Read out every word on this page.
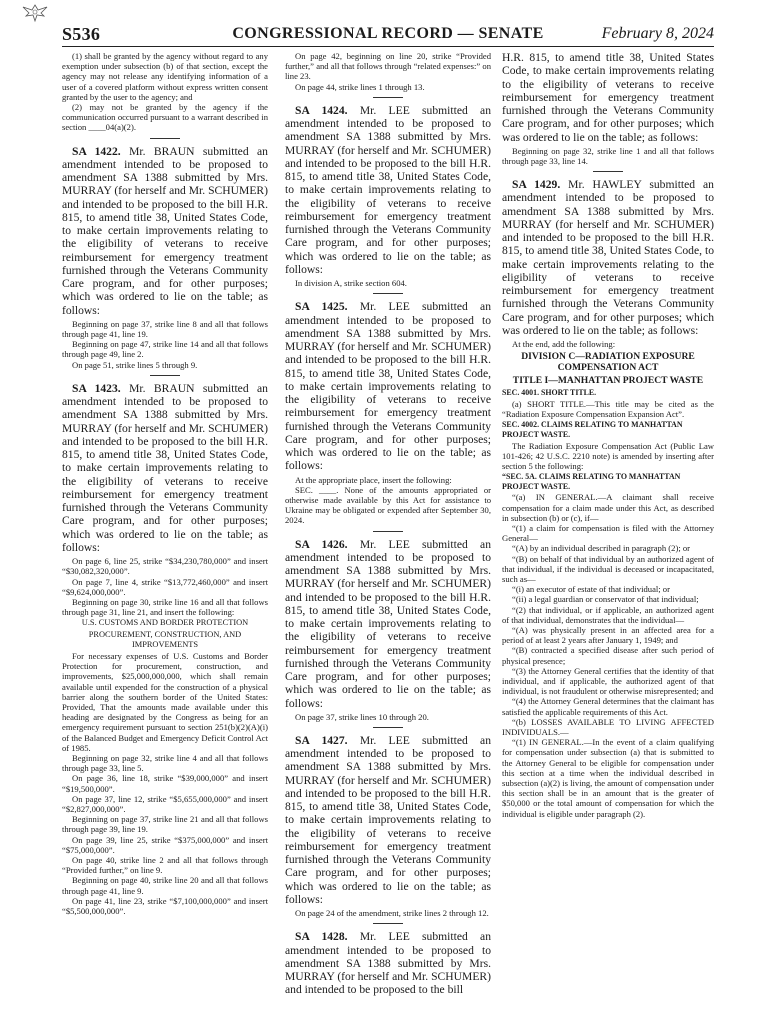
S536	CONGRESSIONAL RECORD — SENATE	February 8, 2024

(1) shall be granted by the agency without regard to any exemption under subsection (b) of that section, except the agency may not release any identifying information of a user of a covered platform without express written consent granted by the user to the agency; and

(2) may not be granted by the agency if the communication occurred pursuant to a warrant described in section ____04(a)(2).

SA 1422. Mr. BRAUN submitted an amendment intended to be proposed to amendment SA 1388 submitted by Mrs. MURRAY (for herself and Mr. SCHUMER) and intended to be proposed to the bill H.R. 815, to amend title 38, United States Code, to make certain improvements relating to the eligibility of veterans to receive reimbursement for emergency treatment furnished through the Veterans Community Care program, and for other purposes; which was ordered to lie on the table; as follows:

Beginning on page 37, strike line 8 and all that follows through page 41, line 19.

Beginning on page 47, strike line 14 and all that follows through page 49, line 2.

On page 51, strike lines 5 through 9.

SA 1423. Mr. BRAUN submitted an amendment intended to be proposed to amendment SA 1388 submitted by Mrs. MURRAY (for herself and Mr. SCHUMER) and intended to be proposed to the bill H.R. 815, to amend title 38, United States Code, to make certain improvements relating to the eligibility of veterans to receive reimbursement for emergency treatment furnished through the Veterans Community Care program, and for other purposes; which was ordered to lie on the table; as follows:

On page 6, line 25, strike “$34,230,780,000” and insert “$30,082,320,000”.

On page 7, line 4, strike “$13,772,460,000” and insert “$9,624,000,000”.

Beginning on page 30, strike line 16 and all that follows through page 31, line 21, and insert the following:

U.S. CUSTOMS AND BORDER PROTECTION

PROCUREMENT, CONSTRUCTION, AND IMPROVEMENTS

For necessary expenses of U.S. Customs and Border Protection for procurement, construction, and improvements, $25,000,000,000, which shall remain available until expended for the construction of a physical barrier along the southern border of the United States: Provided, That the amounts made available under this heading are designated by the Congress as being for an emergency requirement pursuant to section 251(b)(2)(A)(i) of the Balanced Budget and Emergency Deficit Control Act of 1985.

Beginning on page 32, strike line 4 and all that follows through page 33, line 5.

On page 36, line 18, strike “$39,000,000” and insert “$19,500,000”.

On page 37, line 12, strike “$5,655,000,000” and insert “$2,827,000,000”.

Beginning on page 37, strike line 21 and all that follows through page 39, line 19.

On page 39, line 25, strike “$375,000,000” and insert “$75,000,000”.

On page 40, strike line 2 and all that follows through “Provided further,” on line 9.

Beginning on page 40, strike line 20 and all that follows through page 41, line 9.

On page 41, line 23, strike “$7,100,000,000” and insert “$5,500,000,000”.

On page 42, beginning on line 20, strike “Provided further,” and all that follows through “related expenses:” on line 23.

On page 44, strike lines 1 through 13.

SA 1424. Mr. LEE submitted an amendment intended to be proposed to amendment SA 1388 submitted by Mrs. MURRAY (for herself and Mr. SCHUMER) and intended to be proposed to the bill H.R. 815, to amend title 38, United States Code, to make certain improvements relating to the eligibility of veterans to receive reimbursement for emergency treatment furnished through the Veterans Community Care program, and for other purposes; which was ordered to lie on the table; as follows:

In division A, strike section 604.

SA 1425. Mr. LEE submitted an amendment intended to be proposed to amendment SA 1388 submitted by Mrs. MURRAY (for herself and Mr. SCHUMER) and intended to be proposed to the bill H.R. 815, to amend title 38, United States Code, to make certain improvements relating to the eligibility of veterans to receive reimbursement for emergency treatment furnished through the Veterans Community Care program, and for other purposes; which was ordered to lie on the table; as follows:

At the appropriate place, insert the following:

SEC. ____. None of the amounts appropriated or otherwise made available by this Act for assistance to Ukraine may be obligated or expended after September 30, 2024.

SA 1426. Mr. LEE submitted an amendment intended to be proposed to amendment SA 1388 submitted by Mrs. MURRAY (for herself and Mr. SCHUMER) and intended to be proposed to the bill H.R. 815, to amend title 38, United States Code, to make certain improvements relating to the eligibility of veterans to receive reimbursement for emergency treatment furnished through the Veterans Community Care program, and for other purposes; which was ordered to lie on the table; as follows:

On page 37, strike lines 10 through 20.

SA 1427. Mr. LEE submitted an amendment intended to be proposed to amendment SA 1388 submitted by Mrs. MURRAY (for herself and Mr. SCHUMER) and intended to be proposed to the bill H.R. 815, to amend title 38, United States Code, to make certain improvements relating to the eligibility of veterans to receive reimbursement for emergency treatment furnished through the Veterans Community Care program, and for other purposes; which was ordered to lie on the table; as follows:

On page 24 of the amendment, strike lines 2 through 12.

SA 1428. Mr. LEE submitted an amendment intended to be proposed to amendment SA 1388 submitted by Mrs. MURRAY (for herself and Mr. SCHUMER) and intended to be proposed to the bill

H.R. 815, to amend title 38, United States Code, to make certain improvements relating to the eligibility of veterans to receive reimbursement for emergency treatment furnished through the Veterans Community Care program, and for other purposes; which was ordered to lie on the table; as follows:

Beginning on page 32, strike line 1 and all that follows through page 33, line 14.

SA 1429. Mr. HAWLEY submitted an amendment intended to be proposed to amendment SA 1388 submitted by Mrs. MURRAY (for herself and Mr. SCHUMER) and intended to be proposed to the bill H.R. 815, to amend title 38, United States Code, to make certain improvements relating to the eligibility of veterans to receive reimbursement for emergency treatment furnished through the Veterans Community Care program, and for other purposes; which was ordered to lie on the table; as follows:

At the end, add the following:

DIVISION C—RADIATION EXPOSURE COMPENSATION ACT

TITLE I—MANHATTAN PROJECT WASTE

SEC. 4001. SHORT TITLE.

(a) SHORT TITLE.—This title may be cited as the “Radiation Exposure Compensation Expansion Act”.

SEC. 4002. CLAIMS RELATING TO MANHATTAN PROJECT WASTE.

The Radiation Exposure Compensation Act (Public Law 101-426; 42 U.S.C. 2210 note) is amended by inserting after section 5 the following:

“SEC. 5A. CLAIMS RELATING TO MANHATTAN PROJECT WASTE.

“(a) IN GENERAL.—A claimant shall receive compensation for a claim made under this Act, as described in subsection (b) or (c), if—

“(1) a claim for compensation is filed with the Attorney General—

“(A) by an individual described in paragraph (2); or

“(B) on behalf of that individual by an authorized agent of that individual, if the individual is deceased or incapacitated, such as—

“(i) an executor of estate of that individual; or

“(ii) a legal guardian or conservator of that individual;

“(2) that individual, or if applicable, an authorized agent of that individual, demonstrates that the individual—

“(A) was physically present in an affected area for a period of at least 2 years after January 1, 1949; and

“(B) contracted a specified disease after such period of physical presence;

“(3) the Attorney General certifies that the identity of that individual, and if applicable, the authorized agent of that individual, is not fraudulent or otherwise misrepresented; and

“(4) the Attorney General determines that the claimant has satisfied the applicable requirements of this Act.

“(b) LOSSES AVAILABLE TO LIVING AFFECTED INDIVIDUALS.—

“(1) IN GENERAL.—In the event of a claim qualifying for compensation under subsection (a) that is submitted to the Attorney General to be eligible for compensation under this section at a time when the individual described in subsection (a)(2) is living, the amount of compensation under this section shall be in an amount that is the greater of $50,000 or the total amount of compensation for which the individual is eligible under paragraph (2).
